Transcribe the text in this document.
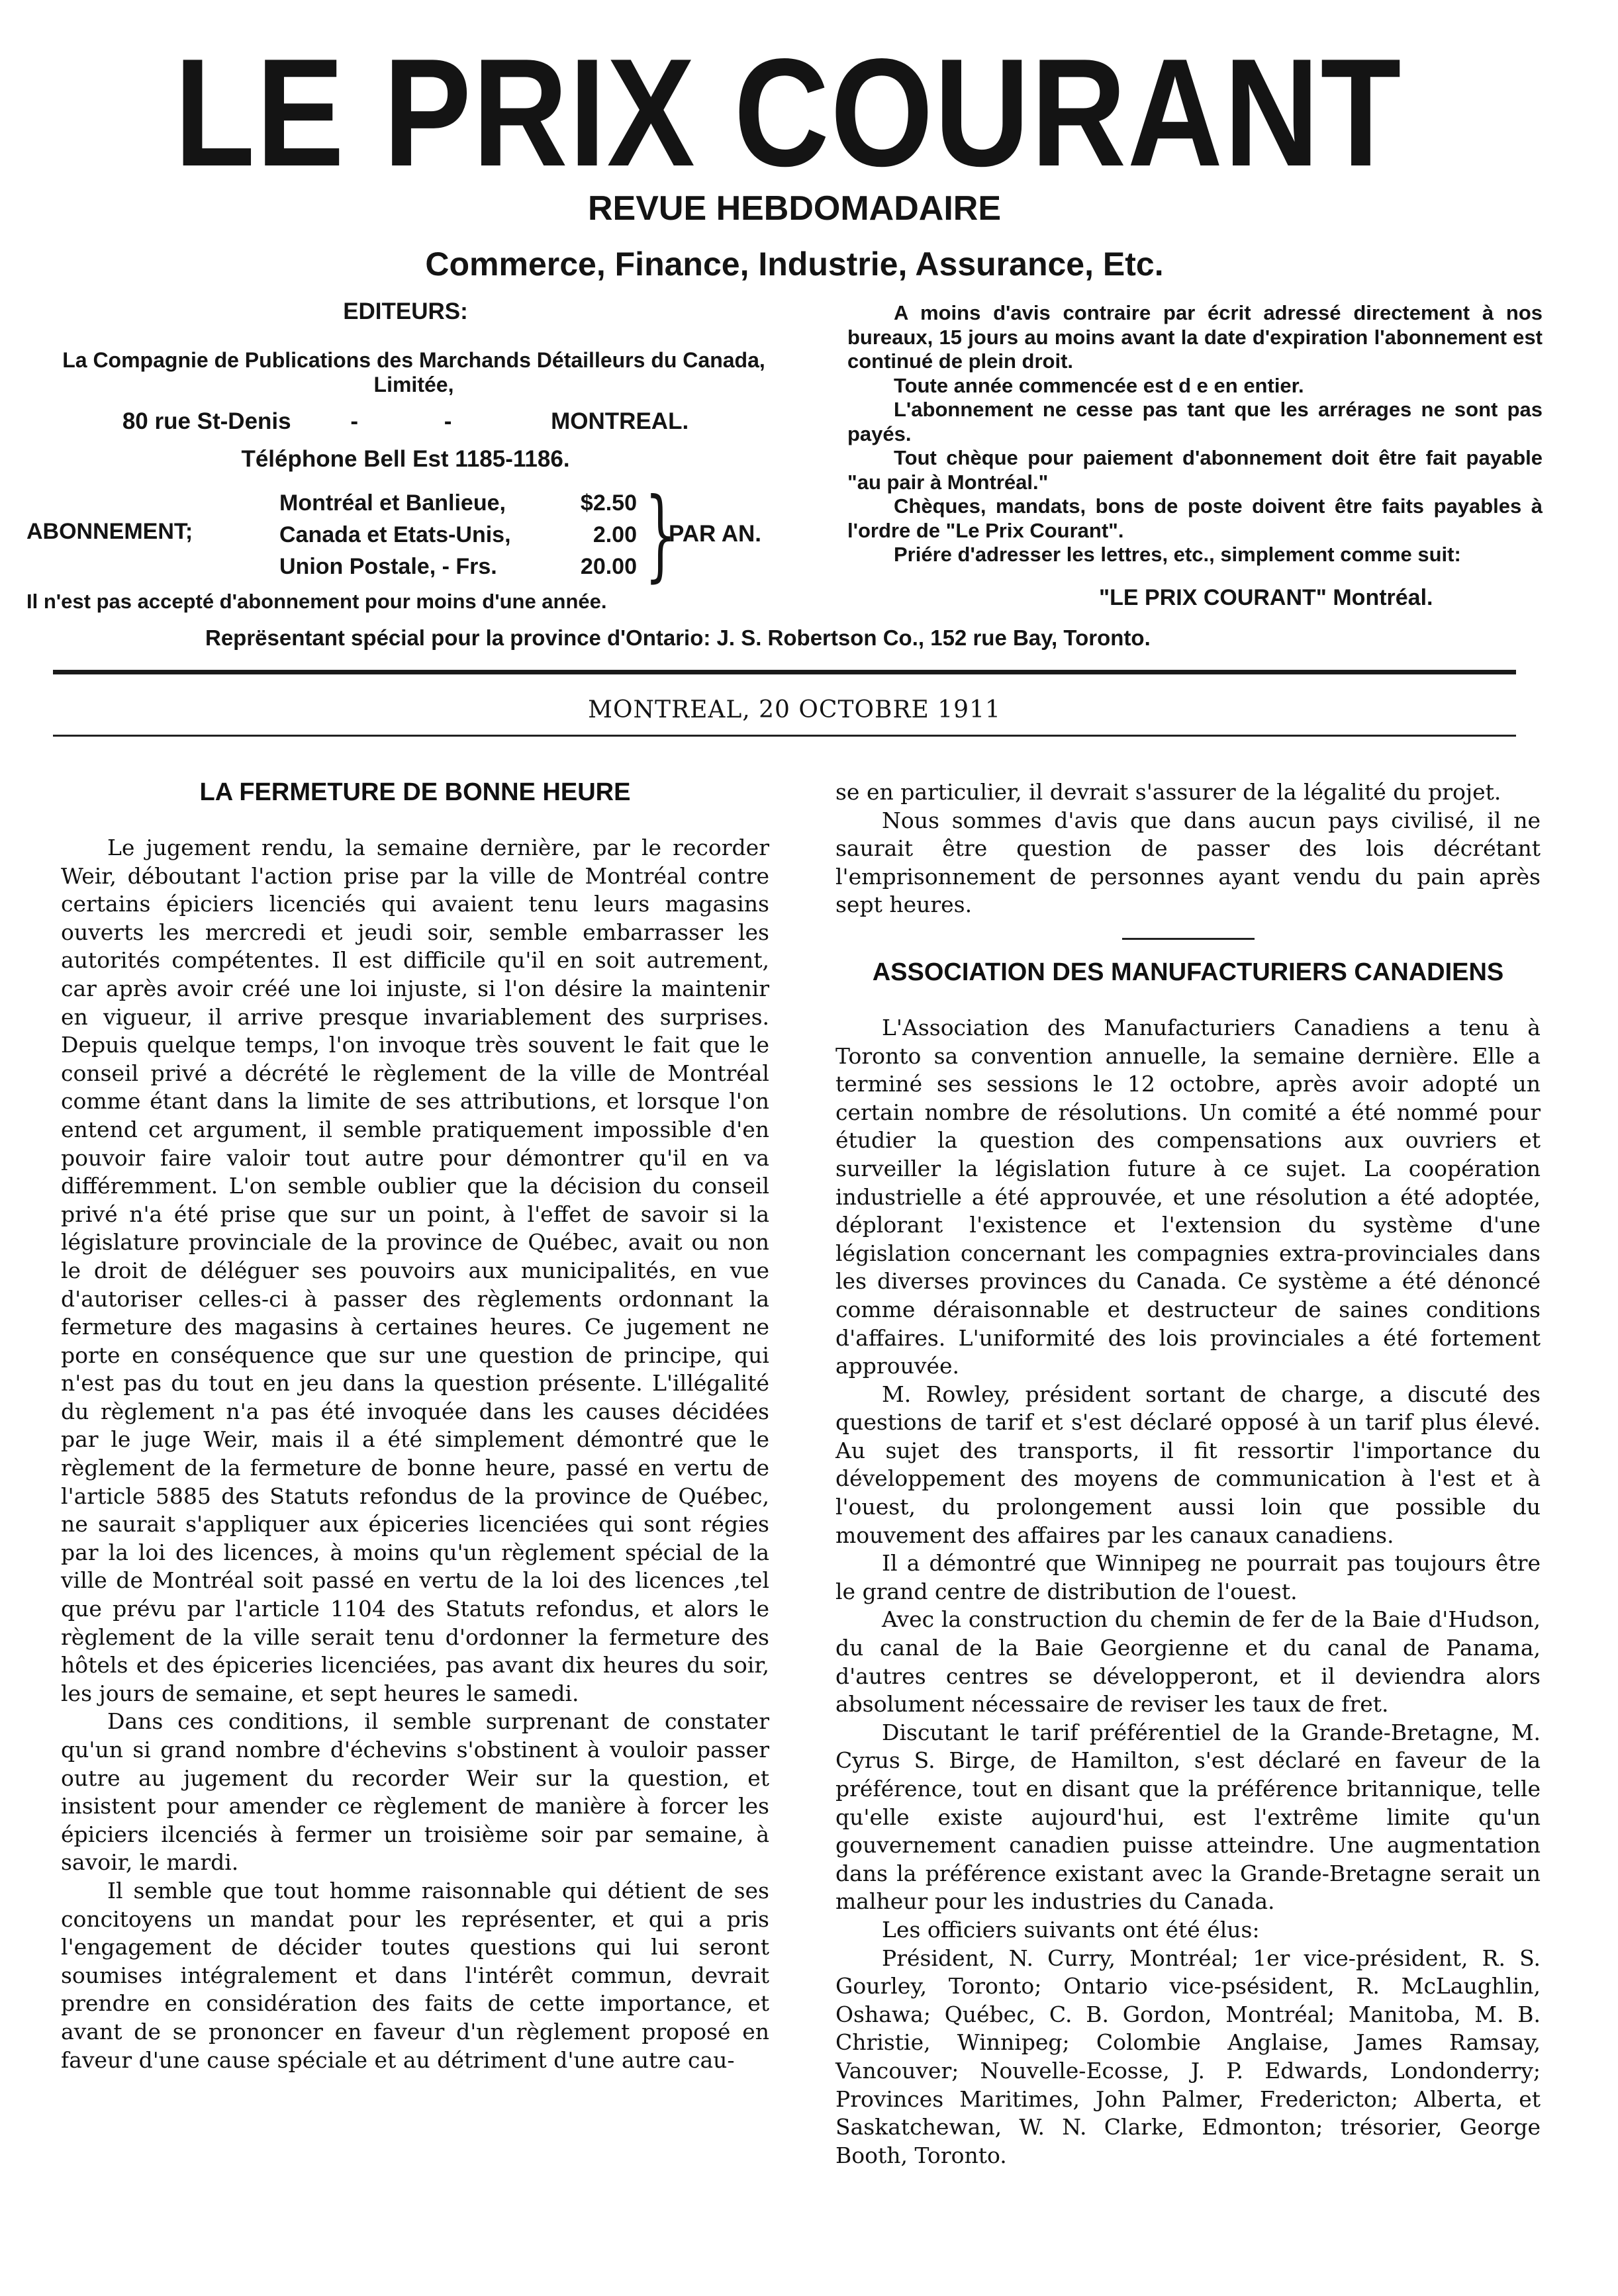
LE PRIX COURANT
REVUE HEBDOMADAIRE
Commerce, Finance, Industrie, Assurance, Etc.
EDITEURS:
La Compagnie de Publications des Marchands Détailleurs du Canada, Limitée,
80 rue St-Denis	- -	MONTREAL.
Téléphone Bell Est 1185-1186.
ABONNEMENT;
Montréal et Banlieue,	$2.50
Canada et Etats-Unis,	2.00
Union Postale, - Frs.	20.00 }
PAR AN.
Il n'est pas accepté d'abonnement pour moins d'une année.

A moins d'avis contraire par écrit adressé directement à nos bureaux, 15 jours au moins avant la date d'expiration l'abonnement est continué de plein droit.

Toute année commencée est d e en entier.

L'abonnement ne cesse pas tant que les arrérages ne sont pas payés.

Tout chèque pour paiement d'abonnement doit être fait payable "au pair à Montréal."

Chèques, mandats, bons de poste doivent être faits payables à l'ordre de "Le Prix Courant".

Priére d'adresser les lettres, etc., simplement comme suit:

"LE PRIX COURANT" Montréal.
Reprësentant spécial pour la province d'Ontario: J. S. Robertson Co., 152 rue Bay, Toronto.
MONTREAL, 20 OCTOBRE 1911
LA FERMETURE DE BONNE HEURE

Le jugement rendu, la semaine dernière, par le recorder Weir, déboutant l'action prise par la ville de Montréal contre certains épiciers licenciés qui avaient tenu leurs magasins ouverts les mercredi et jeudi soir, semble embarrasser les autorités compétentes. Il est difficile qu'il en soit autrement, car après avoir créé une loi injuste, si l'on désire la maintenir en vigueur, il arrive presque invariablement des surprises. Depuis quelque temps, l'on invoque très souvent le fait que le conseil privé a décrété le règlement de la ville de Montréal comme étant dans la limite de ses attributions, et lorsque l'on entend cet argument, il semble pratiquement impossible d'en pouvoir faire valoir tout autre pour démontrer qu'il en va différemment. L'on semble oublier que la décision du conseil privé n'a été prise que sur un point, à l'effet de savoir si la législature provinciale de la province de Québec, avait ou non le droit de déléguer ses pouvoirs aux municipalités, en vue d'autoriser celles-ci à passer des règlements ordonnant la fermeture des magasins à certaines heures. Ce jugement ne porte en conséquence que sur une question de principe, qui n'est pas du tout en jeu dans la question présente. L'illégalité du règlement n'a pas été invoquée dans les causes décidées par le juge Weir, mais il a été simplement démontré que le règlement de la fermeture de bonne heure, passé en vertu de l'article 5885 des Statuts refondus de la province de Québec, ne saurait s'appliquer aux épiceries licenciées qui sont régies par la loi des licences, à moins qu'un règlement spécial de la ville de Montréal soit passé en vertu de la loi des licences ,tel que prévu par l'article 1104 des Statuts refondus, et alors le règlement de la ville serait tenu d'ordonner la fermeture des hôtels et des épiceries licenciées, pas avant dix heures du soir, les jours de semaine, et sept heures le samedi.

Dans ces conditions, il semble surprenant de constater qu'un si grand nombre d'échevins s'obstinent à vouloir passer outre au jugement du recorder Weir sur la question, et insistent pour amender ce règlement de manière à forcer les épiciers ilcenciés à fermer un troisième soir par semaine, à savoir, le mardi.

Il semble que tout homme raisonnable qui détient de ses concitoyens un mandat pour les représenter, et qui a pris l'engagement de décider toutes questions qui lui seront soumises intégralement et dans l'intérêt commun, devrait prendre en considération des faits de cette importance, et avant de se prononcer en faveur d'un règlement proposé en faveur d'une cause spéciale et au détriment d'une autre cau-

se en particulier, il devrait s'assurer de la légalité du projet.

Nous sommes d'avis que dans aucun pays civilisé, il ne saurait être question de passer des lois décrétant l'emprisonnement de personnes ayant vendu du pain après sept heures.

ASSOCIATION DES MANUFACTURIERS CANADIENS

L'Association des Manufacturiers Canadiens a tenu à Toronto sa convention annuelle, la semaine dernière. Elle a terminé ses sessions le 12 octobre, après avoir adopté un certain nombre de résolutions. Un comité a été nommé pour étudier la question des compensations aux ouvriers et surveiller la législation future à ce sujet. La coopération industrielle a été approuvée, et une résolution a été adoptée, déplorant l'existence et l'extension du système d'une législation concernant les compagnies extra-provinciales dans les diverses provinces du Canada. Ce système a été dénoncé comme déraisonnable et destructeur de saines conditions d'affaires. L'uniformité des lois provinciales a été fortement approuvée.

M. Rowley, président sortant de charge, a discuté des questions de tarif et s'est déclaré opposé à un tarif plus élevé. Au sujet des transports, il fit ressortir l'importance du développement des moyens de communication à l'est et à l'ouest, du prolongement aussi loin que possible du mouvement des affaires par les canaux canadiens.

Il a démontré que Winnipeg ne pourrait pas toujours être le grand centre de distribution de l'ouest.

Avec la construction du chemin de fer de la Baie d'Hudson, du canal de la Baie Georgienne et du canal de Panama, d'autres centres se développeront, et il deviendra alors absolument nécessaire de reviser les taux de fret.

Discutant le tarif préférentiel de la Grande-Bretagne, M. Cyrus S. Birge, de Hamilton, s'est déclaré en faveur de la préférence, tout en disant que la préférence britannique, telle qu'elle existe aujourd'hui, est l'extrême limite qu'un gouvernement canadien puisse atteindre. Une augmentation dans la préférence existant avec la Grande-Bretagne serait un malheur pour les industries du Canada.

Les officiers suivants ont été élus:

Président, N. Curry, Montréal; 1er vice-président, R. S. Gourley, Toronto; Ontario vice-psésident, R. McLaughlin, Oshawa; Québec, C. B. Gordon, Montréal; Manitoba, M. B. Christie, Winnipeg; Colombie Anglaise, James Ramsay, Vancouver; Nouvelle-Ecosse, J. P. Edwards, Londonderry; Provinces Maritimes, John Palmer, Fredericton; Alberta, et Saskatchewan, W. N. Clarke, Edmonton; trésorier, George Booth, Toronto.
